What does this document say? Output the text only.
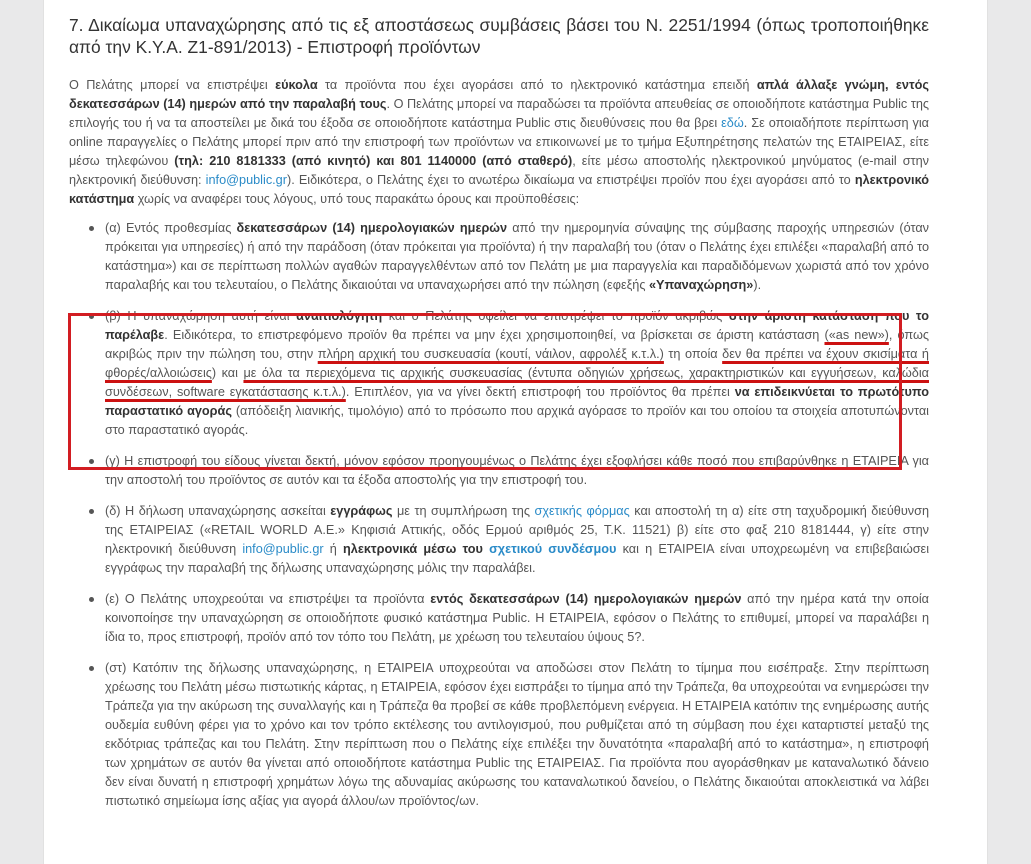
7. Δικαίωμα υπαναχώρησης από τις εξ αποστάσεως συμβάσεις βάσει του Ν. 2251/1994 (όπως τροποποιήθηκε από την Κ.Υ.Α. Ζ1-891/2013) - Επιστροφή προϊόντων

Ο Πελάτης μπορεί να επιστρέψει εύκολα τα προϊόντα που έχει αγοράσει από το ηλεκτρονικό κατάστημα επειδή απλά άλλαξε γνώμη, εντός δεκατεσσάρων (14) ημερών από την παραλαβή τους. Ο Πελάτης μπορεί να παραδώσει τα προϊόντα απευθείας σε οποιοδήποτε κατάστημα Public της επιλογής του ή να τα αποστείλει με δικά του έξοδα σε οποιοδήποτε κατάστημα Public στις διευθύνσεις που θα βρει εδώ. Σε οποιαδήποτε περίπτωση για online παραγγελίες ο Πελάτης μπορεί πριν από την επιστροφή των προϊόντων να επικοινωνεί με το τμήμα Εξυπηρέτησης πελατών της ΕΤΑΙΡΕΙΑΣ, είτε μέσω τηλεφώνου (τηλ: 210 8181333 (από κινητό) και 801 1140000 (από σταθερό), είτε μέσω αποστολής ηλεκτρονικού μηνύματος (e-mail στην ηλεκτρονική διεύθυνση: info@public.gr). Ειδικότερα, ο Πελάτης έχει το ανωτέρω δικαίωμα να επιστρέψει προϊόν που έχει αγοράσει από το ηλεκτρονικό κατάστημα χωρίς να αναφέρει τους λόγους, υπό τους παρακάτω όρους και προϋποθέσεις:

(α) Εντός προθεσμίας δεκατεσσάρων (14) ημερολογιακών ημερών από την ημερομηνία σύναψης της σύμβασης παροχής υπηρεσιών (όταν πρόκειται για υπηρεσίες) ή από την παράδοση (όταν πρόκειται για προϊόντα) ή την παραλαβή του (όταν ο Πελάτης έχει επιλέξει «παραλαβή από το κατάστημα») και σε περίπτωση πολλών αγαθών παραγγελθέντων από τον Πελάτη με μια παραγγελία και παραδιδόμενων χωριστά από τον χρόνο παραλαβής και του τελευταίου, ο Πελάτης δικαιούται να υπαναχωρήσει από την πώληση (εφεξής «Υπαναχώρηση»).
(β) Η υπαναχώρηση αυτή είναι αναιτιολόγητη και ο Πελάτης οφείλει να επιστρέψει το προϊόν ακριβώς στην άριστη κατάσταση που το παρέλαβε. Ειδικότερα, το επιστρεφόμενο προϊόν θα πρέπει να μην έχει χρησιμοποιηθεί, να βρίσκεται σε άριστη κατάσταση («as new»), όπως ακριβώς πριν την πώληση του, στην πλήρη αρχική του συσκευασία (κουτί, νάιλον, αφρολέξ κ.τ.λ.) τη οποία δεν θα πρέπει να έχουν σκισίματα ή φθορές/αλλοιώσεις) και με όλα τα περιεχόμενα τις αρχικής συσκευασίας (έντυπα οδηγιών χρήσεως, χαρακτηριστικών και εγγυήσεων, καλώδια συνδέσεων, software εγκατάστασης κ.τ.λ.). Επιπλέον, για να γίνει δεκτή επιστροφή του προϊόντος θα πρέπει να επιδεικνύεται το πρωτότυπο παραστατικό αγοράς (απόδειξη λιανικής, τιμολόγιο) από το πρόσωπο που αρχικά αγόρασε το προϊόν και του οποίου τα στοιχεία αποτυπώνονται στο παραστατικό αγοράς.
(γ) Η επιστροφή του είδους γίνεται δεκτή, μόνον εφόσον προηγουμένως ο Πελάτης έχει εξοφλήσει κάθε ποσό που επιβαρύνθηκε η ΕΤΑΙΡΕΙΑ για την αποστολή του προϊόντος σε αυτόν και τα έξοδα αποστολής για την επιστροφή του.
(δ) Η δήλωση υπαναχώρησης ασκείται εγγράφως με τη συμπλήρωση της σχετικής φόρμας και αποστολή τη α) είτε στη ταχυδρομική διεύθυνση της ΕΤΑΙΡΕΙΑΣ («RETAIL WORLD Α.Ε.» Κηφισιά Αττικής, οδός Ερμού αριθμός 25, Τ.Κ. 11521) β) είτε στο φαξ 210 8181444, γ) είτε στην ηλεκτρονική διεύθυνση info@public.gr ή ηλεκτρονικά μέσω του σχετικού συνδέσμου και η ΕΤΑΙΡΕΙΑ είναι υποχρεωμένη να επιβεβαιώσει εγγράφως την παραλαβή της δήλωσης υπαναχώρησης μόλις την παραλάβει.
(ε) Ο Πελάτης υποχρεούται να επιστρέψει τα προϊόντα εντός δεκατεσσάρων (14) ημερολογιακών ημερών από την ημέρα κατά την οποία κοινοποίησε την υπαναχώρηση σε οποιοδήποτε φυσικό κατάστημα Public. Η ΕΤΑΙΡΕΙΑ, εφόσον ο Πελάτης το επιθυμεί, μπορεί να παραλάβει η ίδια το, προς επιστροφή, προϊόν από τον τόπο του Πελάτη, με χρέωση του τελευταίου ύψους 5?.
(στ) Κατόπιν της δήλωσης υπαναχώρησης, η ΕΤΑΙΡΕΙΑ υποχρεούται να αποδώσει στον Πελάτη το τίμημα που εισέπραξε. Στην περίπτωση χρέωσης του Πελάτη μέσω πιστωτικής κάρτας, η ΕΤΑΙΡΕΙΑ, εφόσον έχει εισπράξει το τίμημα από την Τράπεζα, θα υποχρεούται να ενημερώσει την Τράπεζα για την ακύρωση της συναλλαγής και η Τράπεζα θα προβεί σε κάθε προβλεπόμενη ενέργεια. Η ΕΤΑΙΡΕΙΑ κατόπιν της ενημέρωσης αυτής ουδεμία ευθύνη φέρει για το χρόνο και τον τρόπο εκτέλεσης του αντιλογισμού, που ρυθμίζεται από τη σύμβαση που έχει καταρτιστεί μεταξύ της εκδότριας τράπεζας και του Πελάτη. Στην περίπτωση που ο Πελάτης είχε επιλέξει την δυνατότητα «παραλαβή από το κατάστημα», η επιστροφή των χρημάτων σε αυτόν θα γίνεται από οποιοδήποτε κατάστημα Public της ΕΤΑΙΡΕΙΑΣ. Για προϊόντα που αγοράσθηκαν με καταναλωτικό δάνειο δεν είναι δυνατή η επιστροφή χρημάτων λόγω της αδυναμίας ακύρωσης του καταναλωτικού δανείου, ο Πελάτης δικαιούται αποκλειστικά να λάβει πιστωτικό σημείωμα ίσης αξίας για αγορά άλλου/ων προϊόντος/ων.
